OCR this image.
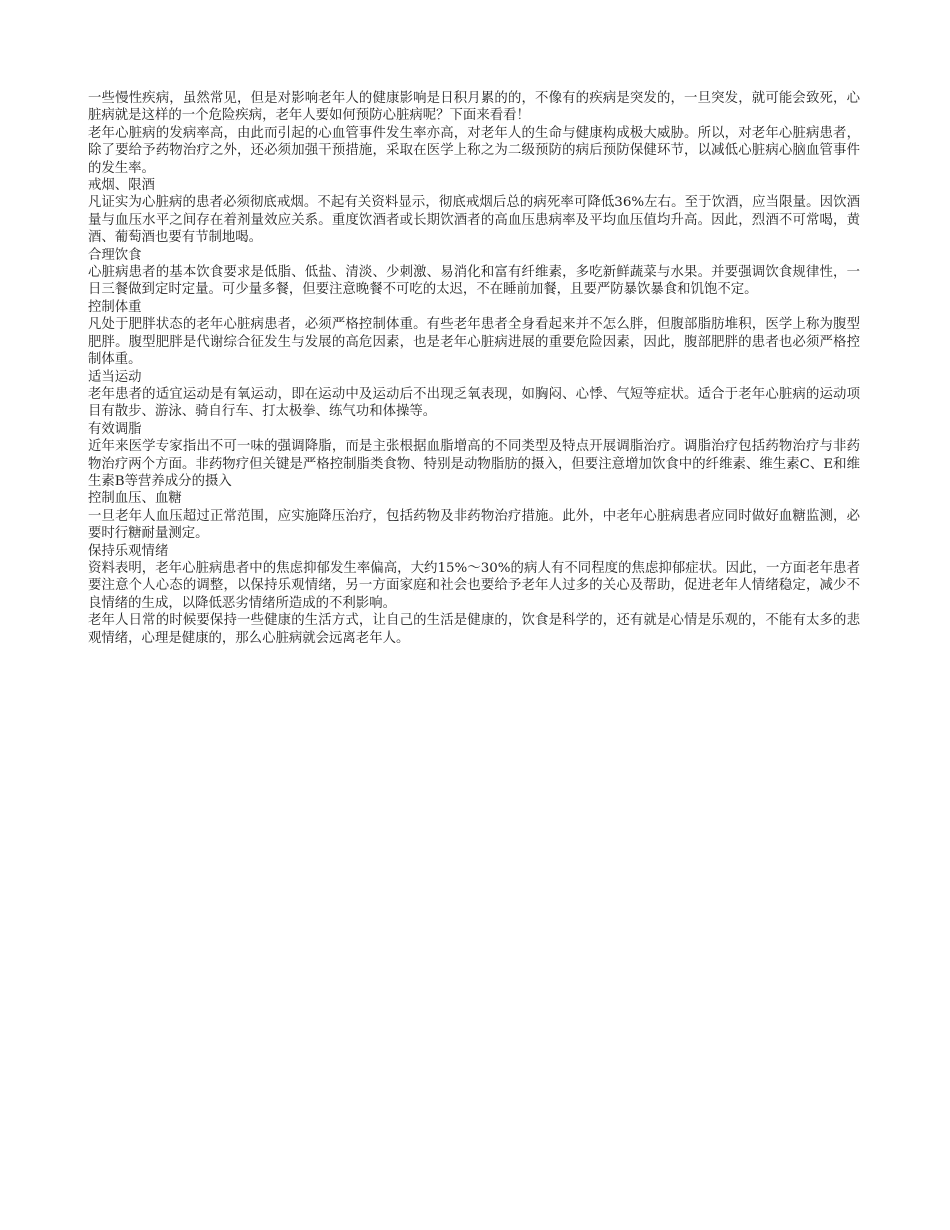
一些慢性疾病，虽然常见，但是对影响老年人的健康影响是日积月累的的，不像有的疾病是突发的，一旦突发，就可能会致死，心脏病就是这样的一个危险疾病，老年人要如何预防心脏病呢？下面来看看！

老年心脏病的发病率高，由此而引起的心血管事件发生率亦高，对老年人的生命与健康构成极大威胁。所以，对老年心脏病患者，除了要给予药物治疗之外，还必须加强干预措施，采取在医学上称之为二级预防的病后预防保健环节，以减低心脏病心脑血管事件的发生率。

戒烟、限酒

凡证实为心脏病的患者必须彻底戒烟。不起有关资料显示，彻底戒烟后总的病死率可降低36%左右。至于饮酒，应当限量。因饮酒量与血压水平之间存在着剂量效应关系。重度饮酒者或长期饮酒者的高血压患病率及平均血压值均升高。因此，烈酒不可常喝，黄酒、葡萄酒也要有节制地喝。

合理饮食

心脏病患者的基本饮食要求是低脂、低盐、清淡、少刺激、易消化和富有纤维素，多吃新鲜蔬菜与水果。并要强调饮食规律性，一日三餐做到定时定量。可少量多餐，但要注意晚餐不可吃的太迟，不在睡前加餐，且要严防暴饮暴食和饥饱不定。

控制体重

凡处于肥胖状态的老年心脏病患者，必须严格控制体重。有些老年患者全身看起来并不怎么胖，但腹部脂肪堆积，医学上称为腹型肥胖。腹型肥胖是代谢综合征发生与发展的高危因素，也是老年心脏病进展的重要危险因素，因此，腹部肥胖的患者也必须严格控制体重。

适当运动

老年患者的适宜运动是有氧运动，即在运动中及运动后不出现乏氧表现，如胸闷、心悸、气短等症状。适合于老年心脏病的运动项目有散步、游泳、骑自行车、打太极拳、练气功和体操等。

有效调脂

近年来医学专家指出不可一味的强调降脂，而是主张根据血脂增高的不同类型及特点开展调脂治疗。调脂治疗包括药物治疗与非药物治疗两个方面。非药物疗但关键是严格控制脂类食物、特别是动物脂肪的摄入，但要注意增加饮食中的纤维素、维生素C、E和维生素B等营养成分的摄入

控制血压、血糖

一旦老年人血压超过正常范围，应实施降压治疗，包括药物及非药物治疗措施。此外，中老年心脏病患者应同时做好血糖监测，必要时行糖耐量测定。

保持乐观情绪

资料表明，老年心脏病患者中的焦虑抑郁发生率偏高，大约15%～30%的病人有不同程度的焦虑抑郁症状。因此，一方面老年患者要注意个人心态的调整，以保持乐观情绪，另一方面家庭和社会也要给予老年人过多的关心及帮助，促进老年人情绪稳定，减少不良情绪的生成，以降低恶劣情绪所造成的不利影响。

老年人日常的时候要保持一些健康的生活方式，让自己的生活是健康的，饮食是科学的，还有就是心情是乐观的，不能有太多的悲观情绪，心理是健康的，那么心脏病就会远离老年人。
